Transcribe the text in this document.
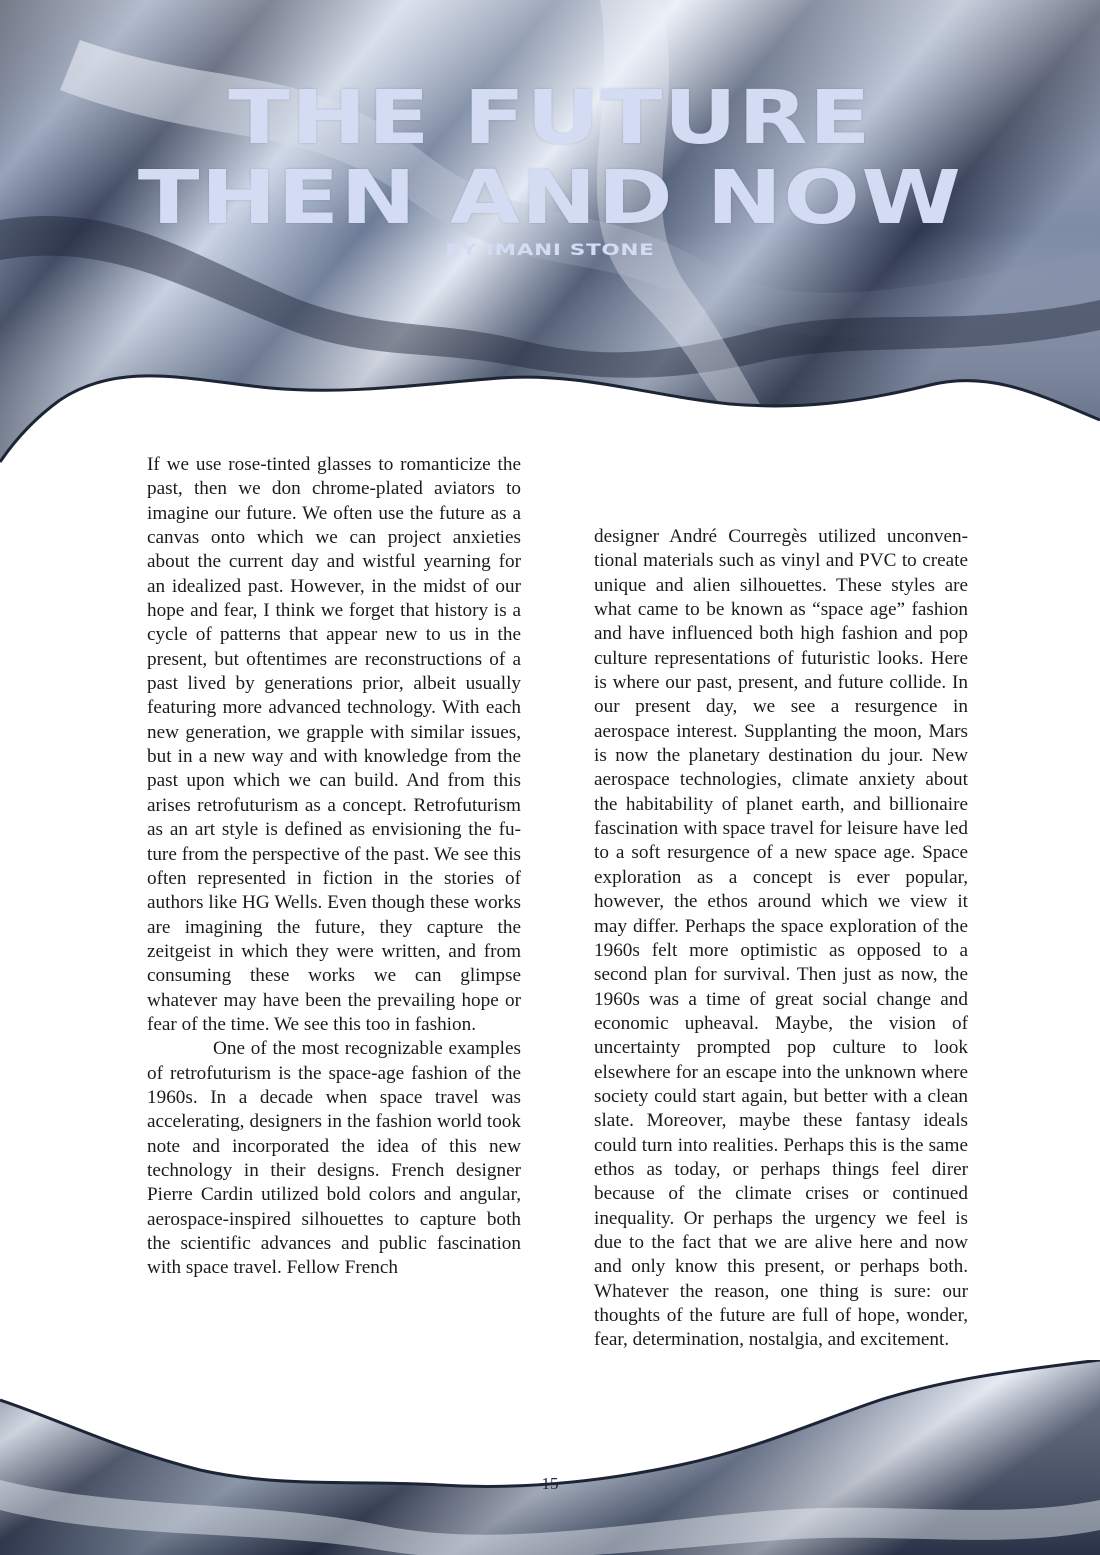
THE FUTURE
THEN AND NOW
BY IMANI STONE

If we use rose-tinted glasses to romanticize the past, then we don chrome-plated aviators to imagine our future. We often use the future as a canvas onto which we can project anxieties about the current day and wistful yearning for an idealized past. However, in the midst of our hope and fear, I think we forget that history is a cycle of patterns that appear new to us in the present, but oftentimes are reconstructions of a past lived by generations prior, albeit usually featuring more advanced technology. With each new generation, we grapple with similar issues, but in a new way and with knowledge from the past upon which we can build. And from this arises retrofuturism as a concept. Retrofuturism as an art style is defined as envisioning the future from the perspective of the past. We see this often represented in fiction in the stories of authors like HG Wells. Even though these works are imagining the future, they capture the zeitgeist in which they were written, and from consuming these works we can glimpse whatever may have been the prevailing hope or fear of the time. We see this too in fashion.

One of the most recognizable examples of retrofuturism is the space-age fashion of the 1960s. In a decade when space travel was accelerating, designers in the fashion world took note and incorporated the idea of this new technology in their designs. French designer Pierre Cardin utilized bold colors and angular, aerospace-inspired silhouettes to capture both the scientific advances and public fascination with space travel. Fellow French

designer André Courregès utilized unconventional materials such as vinyl and PVC to create unique and alien silhouettes. These styles are what came to be known as “space age” fashion and have influenced both high fashion and pop culture representations of futuristic looks. Here is where our past, present, and future collide. In our present day, we see a resurgence in aerospace interest. Supplanting the moon, Mars is now the planetary destination du jour. New aerospace technologies, climate anxiety about the habitability of planet earth, and billionaire fascination with space travel for leisure have led to a soft resurgence of a new space age. Space exploration as a concept is ever popular, however, the ethos around which we view it may differ. Perhaps the space exploration of the 1960s felt more optimistic as opposed to a second plan for survival. Then just as now, the 1960s was a time of great social change and economic upheaval. Maybe, the vision of uncertainty prompted pop culture to look elsewhere for an escape into the unknown where society could start again, but better with a clean slate. Moreover, maybe these fantasy ideals could turn into realities. Perhaps this is the same ethos as today, or perhaps things feel direr because of the climate crises or continued inequality. Or perhaps the urgency we feel is due to the fact that we are alive here and now and only know this present, or perhaps both. Whatever the reason, one thing is sure: our thoughts of the future are full of hope, wonder, fear, determination, nostalgia, and excitement.

15
